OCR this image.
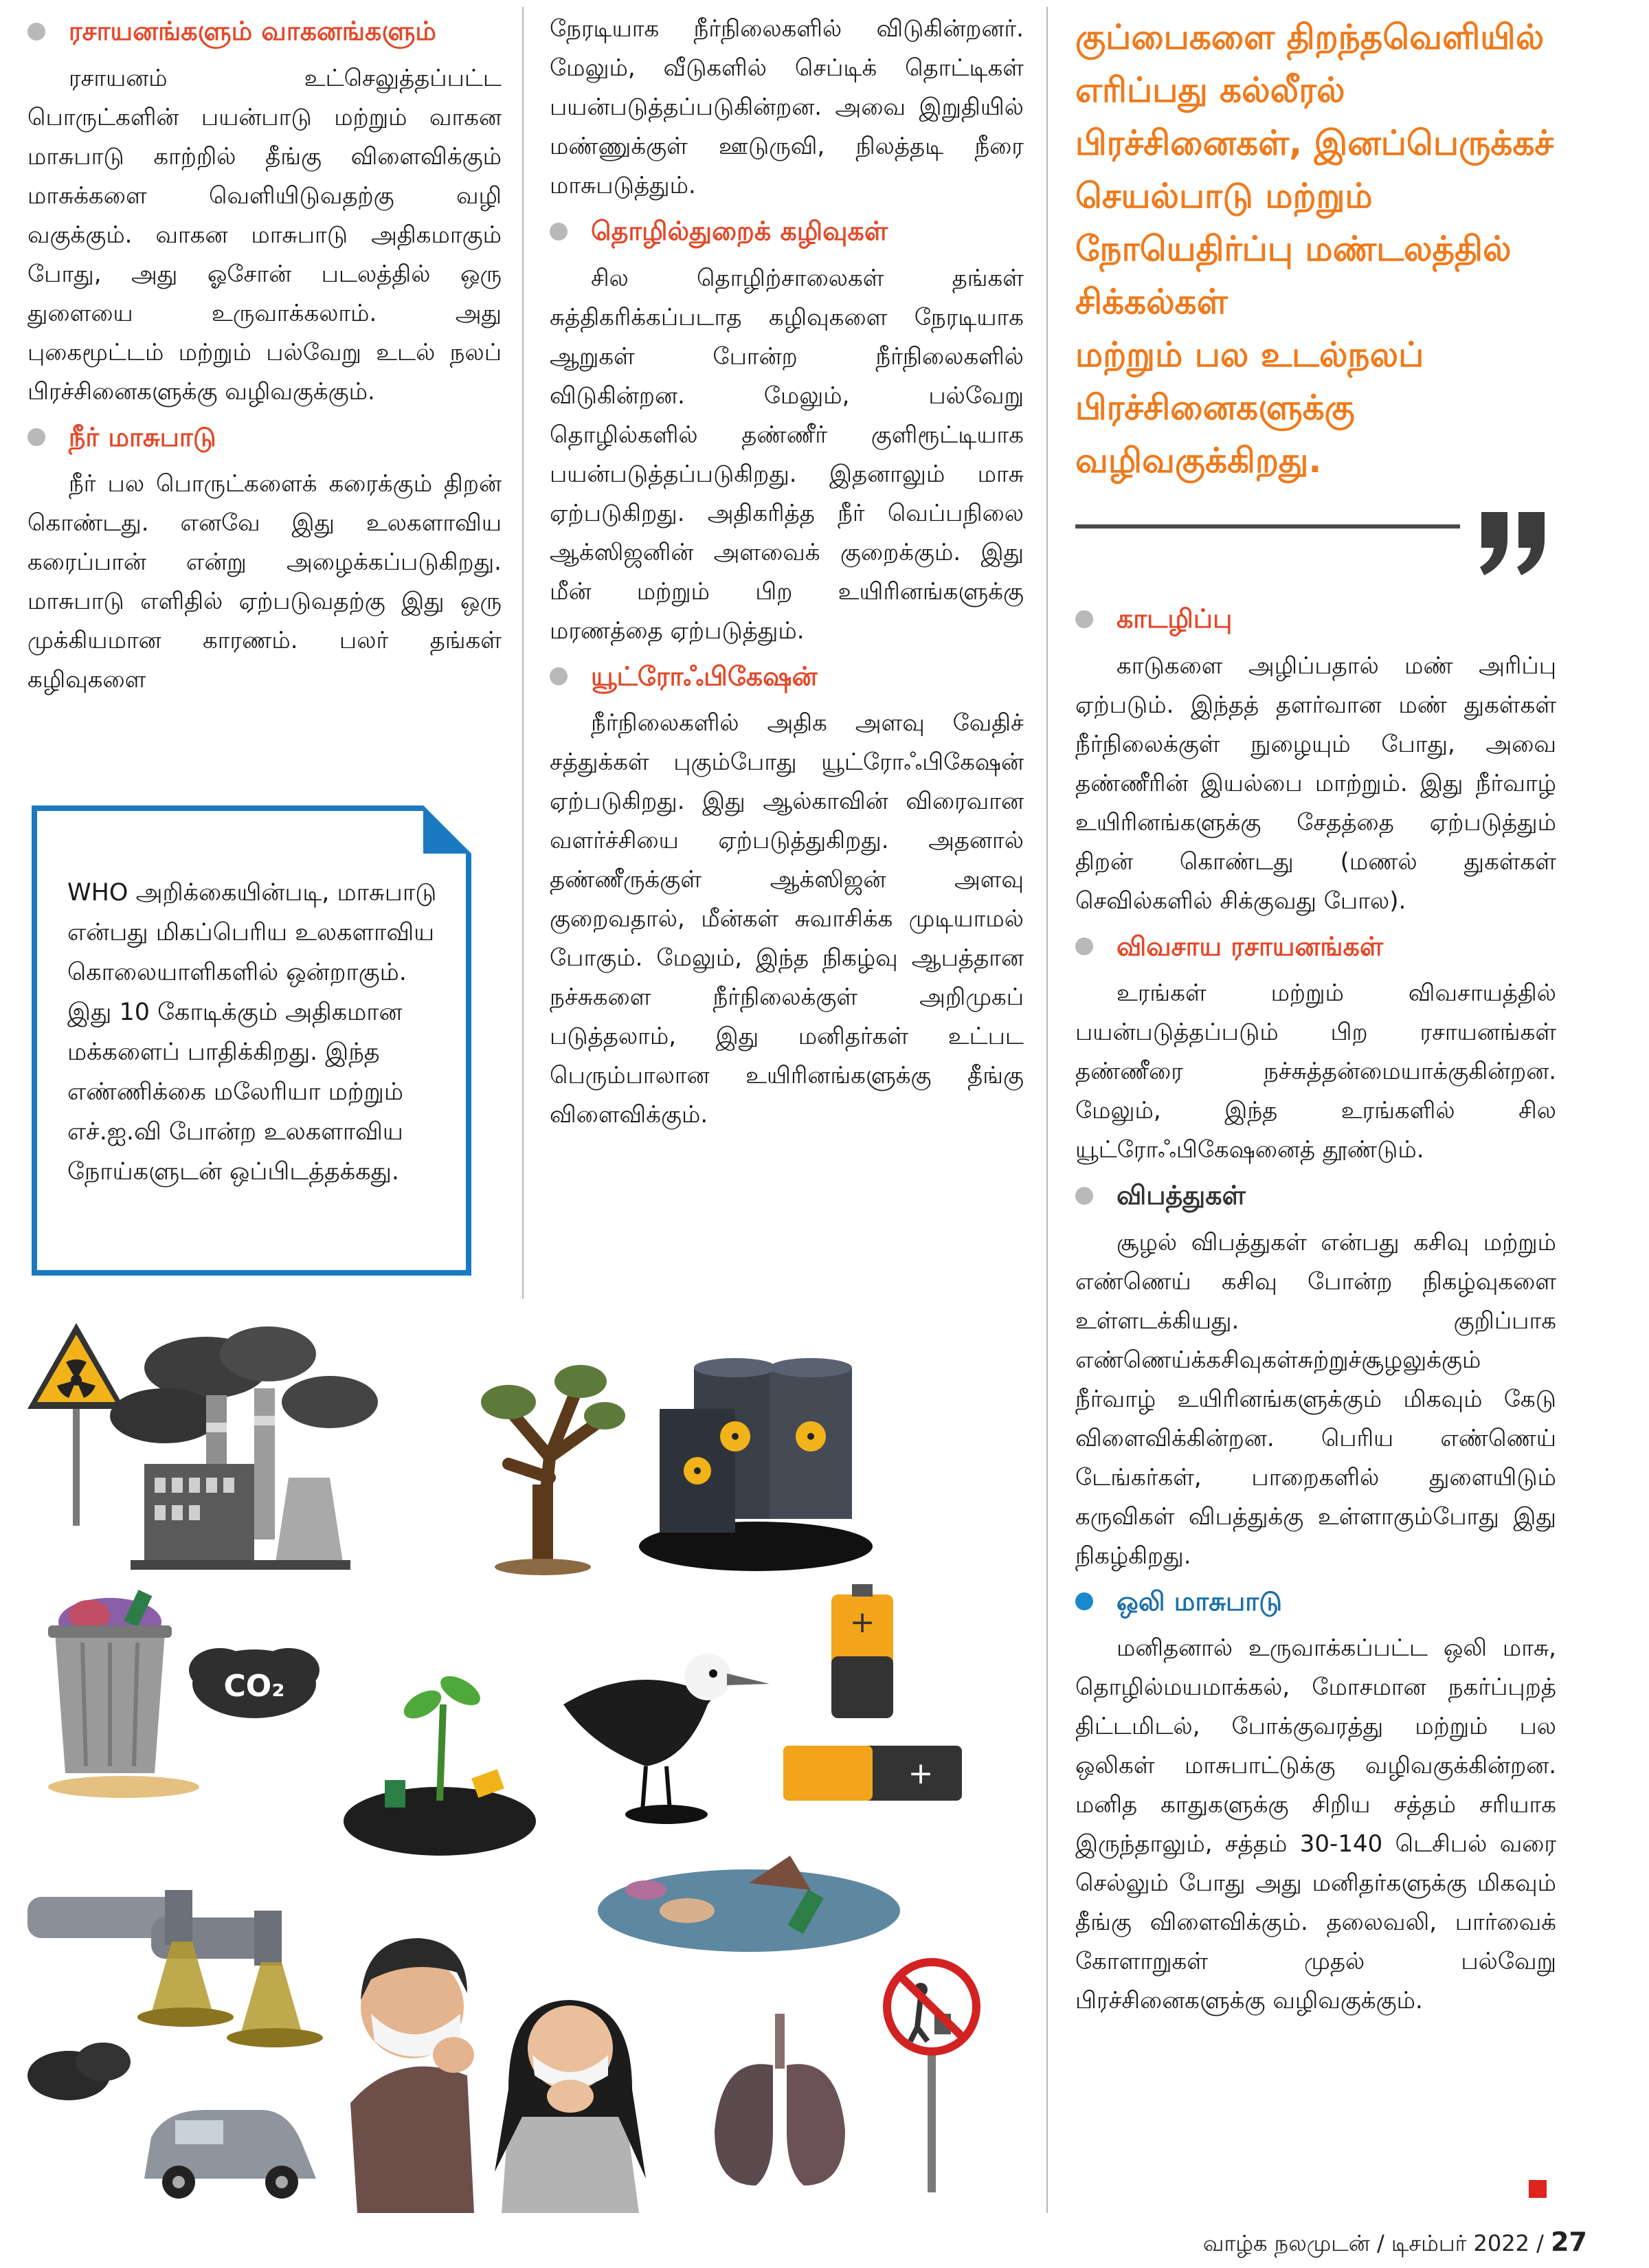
ரசாயனங்களும் வாகனங்களும்

ரசாயனம் உட்செலுத்தப்பட்ட பொருட்களின் பயன்பாடு மற்றும் வாகன மாசுபாடு காற்றில் தீங்கு விளைவிக்கும் மாசுக்களை வெளியிடுவதற்கு வழி வகுக்கும். வாகன மாசுபாடு அதிகமாகும் போது, அது ஓசோன் படலத்தில் ஒரு துளையை உருவாக்கலாம். அது புகைமூட்டம் மற்றும் பல்வேறு உடல் நலப் பிரச்சினைகளுக்கு வழிவகுக்கும்.

நீர் மாசுபாடு

நீர் பல பொருட்களைக் கரைக்கும் திறன் கொண்டது. எனவே இது உலகளாவிய கரைப்பான் என்று அழைக்கப்படுகிறது. மாசுபாடு எளிதில் ஏற்படுவதற்கு இது ஒரு முக்கியமான காரணம். பலர் தங்கள் கழிவுகளை

WHO அறிக்கையின்படி, மாசுபாடு என்பது மிகப்பெரிய உலகளாவிய கொலையாளிகளில் ஒன்றாகும். இது 10 கோடிக்கும் அதிகமான மக்களைப் பாதிக்கிறது. இந்த எண்ணிக்கை மலேரியா மற்றும் எச்.ஐ.வி போன்ற உலகளாவிய நோய்களுடன் ஒப்பிடத்தக்கது.

நேரடியாக நீர்நிலைகளில் விடுகின்றனர். மேலும், வீடுகளில் செப்டிக் தொட்டிகள் பயன்படுத்தப்படுகின்றன. அவை இறுதியில் மண்ணுக்குள் ஊடுருவி, நிலத்தடி நீரை மாசுபடுத்தும்.

தொழில்துறைக் கழிவுகள்

சில தொழிற்சாலைகள் தங்கள் சுத்திகரிக்கப்படாத கழிவுகளை நேரடியாக ஆறுகள் போன்ற நீர்நிலைகளில் விடுகின்றன. மேலும், பல்வேறு தொழில்களில் தண்ணீர் குளிரூட்டியாக பயன்படுத்தப்படுகிறது. இதனாலும் மாசு ஏற்படுகிறது. அதிகரித்த நீர் வெப்பநிலை ஆக்ஸிஜனின் அளவைக் குறைக்கும். இது மீன் மற்றும் பிற உயிரினங்களுக்கு மரணத்தை ஏற்படுத்தும்.

யூட்ரோஃபிகேஷன்

நீர்நிலைகளில் அதிக அளவு வேதிச் சத்துக்கள் புகும்போது யூட்ரோஃபிகேஷன் ஏற்படுகிறது. இது ஆல்காவின் விரைவான வளர்ச்சியை ஏற்படுத்துகிறது. அதனால் தண்ணீருக்குள் ஆக்ஸிஜன் அளவு குறைவதால், மீன்கள் சுவாசிக்க முடியாமல் போகும். மேலும், இந்த நிகழ்வு ஆபத்தான நச்சுகளை நீர்நிலைக்குள் அறிமுகப் படுத்தலாம், இது மனிதர்கள் உட்பட பெரும்பாலான உயிரினங்களுக்கு தீங்கு விளைவிக்கும்.

குப்பைகளை திறந்தவெளியில்

எரிப்பது கல்லீரல்

பிரச்சினைகள், இனப்பெருக்கச்

செயல்பாடு மற்றும்

நோயெதிர்ப்பு மண்டலத்தில்

சிக்கல்கள்

மற்றும் பல உடல்நலப்

பிரச்சினைகளுக்கு

வழிவகுக்கிறது.

காடழிப்பு

காடுகளை அழிப்பதால் மண் அரிப்பு ஏற்படும். இந்தத் தளர்வான மண் துகள்கள் நீர்நிலைக்குள் நுழையும் போது, அவை தண்ணீரின் இயல்பை மாற்றும். இது நீர்வாழ் உயிரினங்களுக்கு சேதத்தை ஏற்படுத்தும் திறன் கொண்டது (மணல் துகள்கள் செவில்களில் சிக்குவது போல).

விவசாய ரசாயனங்கள்

உரங்கள் மற்றும் விவசாயத்தில் பயன்படுத்தப்படும் பிற ரசாயனங்கள் தண்ணீரை நச்சுத்தன்மையாக்குகின்றன. மேலும், இந்த உரங்களில் சில யூட்ரோஃபிகேஷனைத் தூண்டும்.

விபத்துகள்

சூழல் விபத்துகள் என்பது கசிவு மற்றும் எண்ணெய் கசிவு போன்ற நிகழ்வுகளை உள்ளடக்கியது. குறிப்பாக எண்ணெய்க்கசிவுகள்சுற்றுச்சூழலுக்கும் நீர்வாழ் உயிரினங்களுக்கும் மிகவும் கேடு விளைவிக்கின்றன. பெரிய எண்ணெய் டேங்கர்கள், பாறைகளில் துளையிடும் கருவிகள் விபத்துக்கு உள்ளாகும்போது இது நிகழ்கிறது.

ஒலி மாசுபாடு

மனிதனால் உருவாக்கப்பட்ட ஒலி மாசு, தொழில்மயமாக்கல், மோசமான நகர்ப்புறத் திட்டமிடல், போக்குவரத்து மற்றும் பல ஒலிகள் மாசுபாட்டுக்கு வழிவகுக்கின்றன. மனித காதுகளுக்கு சிறிய சத்தம் சரியாக இருந்தாலும், சத்தம் 30-140 டெசிபல் வரை செல்லும் போது அது மனிதர்களுக்கு மிகவும் தீங்கு விளைவிக்கும். தலைவலி, பார்வைக் கோளாறுகள் முதல் பல்வேறு பிரச்சினைகளுக்கு வழிவகுக்கும்.

CO₂
+
+
வாழ்க நலமுடன் / டிசம்பர் 2022 / 27
